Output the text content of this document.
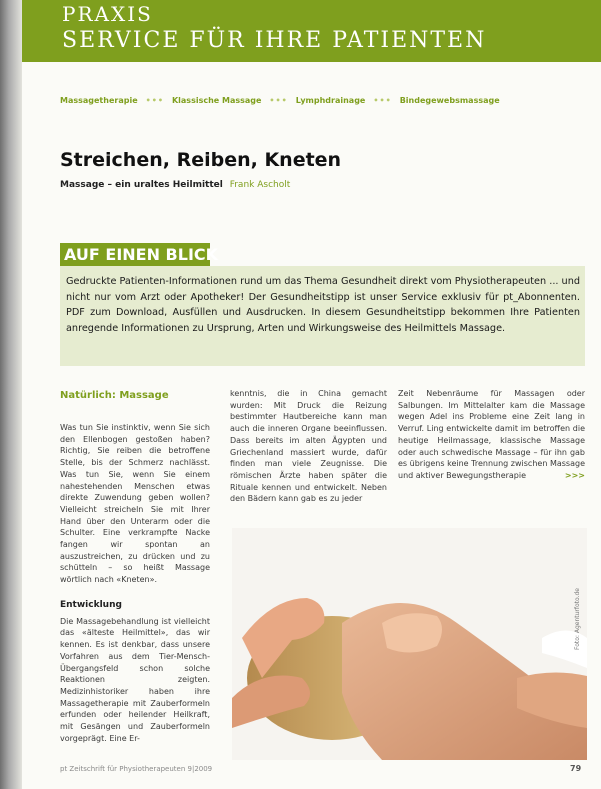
PRAXIS
SERVICE FÜR IHRE PATIENTEN
Massagetherapie ••• Klassische Massage ••• Lymphdrainage ••• Bindegewebsmassage
Streichen, Reiben, Kneten
Massage – ein uraltes Heilmittel Frank Ascholt
AUF EINEN BLICK
Gedruckte Patienten-Informationen rund um das Thema Gesundheit direkt vom Physiotherapeuten ... und nicht nur vom Arzt oder Apotheker! Der Gesundheitstipp ist unser Service exklusiv für pt_Abonnenten. PDF zum Download, Ausfüllen und Ausdrucken. In diesem Gesundheitstipp bekommen Ihre Patienten anregende Informationen zu Ursprung, Arten und Wirkungsweise des Heilmittels Massage.
Natürlich: Massage

Was tun Sie instinktiv, wenn Sie sich den Ellenbogen gestoßen haben? Richtig, Sie reiben die betroffene Stelle, bis der Schmerz nachlässt. Was tun Sie, wenn Sie einem nahestehenden Menschen etwas direkte Zuwendung geben wollen? Vielleicht streicheln Sie mit Ihrer Hand über den Unterarm oder die Schulter. Eine verkrampfte Nacke fangen wir spontan an auszustreichen, zu drücken und zu schütteln – so heißt Massage wörtlich nach «Kneten».

Entwicklung

Die Massagebehandlung ist vielleicht das «älteste Heilmittel», das wir kennen. Es ist denkbar, dass unsere Vorfahren aus dem Tier-Mensch-Übergangsfeld schon solche Reaktionen zeigten. Medizinhistoriker haben ihre Massagetherapie mit Zauberformeln erfunden oder heilender Heilkraft, mit Gesängen und Zauberformeln vorgeprägt. Eine Er-

kenntnis, die in China gemacht wurden: Mit Druck die Reizung bestimmter Hautbereiche kann man auch die inneren Organe beeinflussen. Dass bereits im alten Ägypten und Griechenland massiert wurde, dafür finden man viele Zeugnisse. Die römischen Ärzte haben später die Rituale kennen und entwickelt. Neben den Bädern kann gab es zu jeder

Zeit Nebenräume für Massagen oder Salbungen. Im Mittelalter kam die Massage wegen Adel ins Probleme eine Zeit lang in Verruf. Ling entwickelte damit im betroffen die heutige Heilmassage, klassische Massage oder auch schwedische Massage – für ihn gab es übrigens keine Trennung zwischen Massage und aktiver Bewegungstherapie	>>>

Foto: Agenturfoto.de
pt Zeitschrift für Physiotherapeuten 9|2009	79
